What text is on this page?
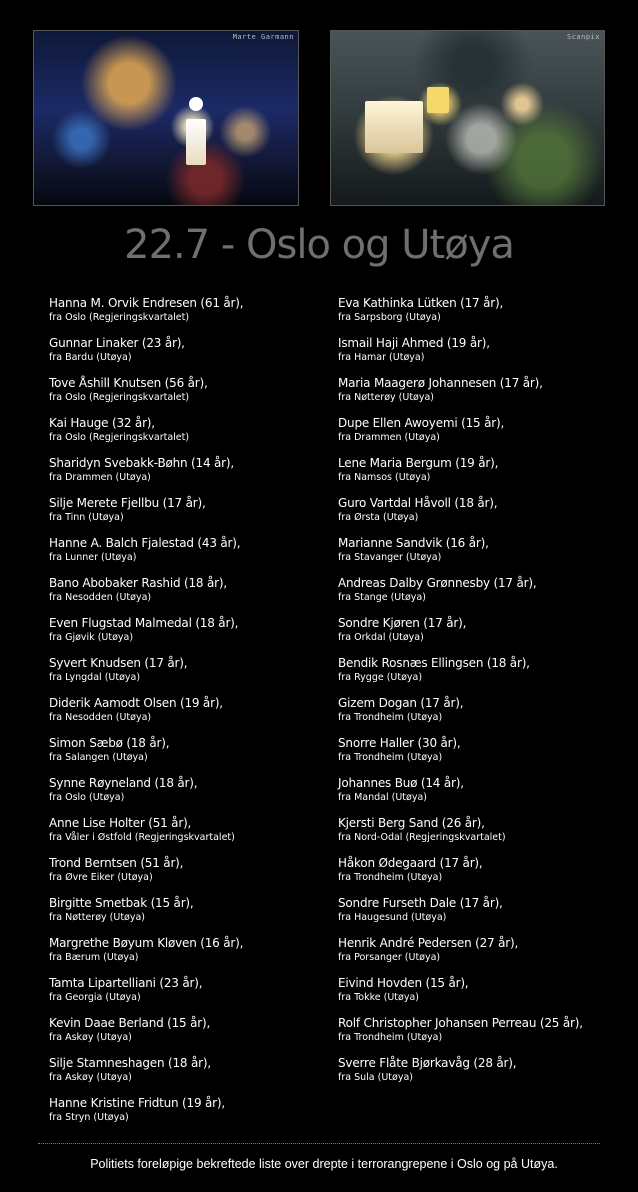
Marte Garmann	Scanpix
22.7 - Oslo og Utøya
Hanna M. Orvik Endresen (61 år),
fra Oslo (Regjeringskvartalet)
Gunnar Linaker (23 år),
fra Bardu (Utøya)
Tove Åshill Knutsen (56 år),
fra Oslo (Regjeringskvartalet)
Kai Hauge (32 år),
fra Oslo (Regjeringskvartalet)
Sharidyn Svebakk-Bøhn (14 år),
fra Drammen (Utøya)
Silje Merete Fjellbu (17 år),
fra Tinn (Utøya)
Hanne A. Balch Fjalestad (43 år),
fra Lunner (Utøya)
Bano Abobaker Rashid (18 år),
fra Nesodden (Utøya)
Even Flugstad Malmedal (18 år),
fra Gjøvik (Utøya)
Syvert Knudsen (17 år),
fra Lyngdal (Utøya)
Diderik Aamodt Olsen (19 år),
fra Nesodden (Utøya)
Simon Sæbø (18 år),
fra Salangen (Utøya)
Synne Røyneland (18 år),
fra Oslo (Utøya)
Anne Lise Holter (51 år),
fra Våler i Østfold (Regjeringskvartalet)
Trond Berntsen (51 år),
fra Øvre Eiker (Utøya)
Birgitte Smetbak (15 år),
fra Nøtterøy (Utøya)
Margrethe Bøyum Kløven (16 år),
fra Bærum (Utøya)
Tamta Lipartelliani (23 år),
fra Georgia (Utøya)
Kevin Daae Berland (15 år),
fra Askøy (Utøya)
Silje Stamneshagen (18 år),
fra Askøy (Utøya)
Hanne Kristine Fridtun (19 år),
fra Stryn (Utøya)
Eva Kathinka Lütken (17 år),
fra Sarpsborg (Utøya)
Ismail Haji Ahmed (19 år),
fra Hamar (Utøya)
Maria Maagerø Johannesen (17 år),
fra Nøtterøy (Utøya)
Dupe Ellen Awoyemi (15 år),
fra Drammen (Utøya)
Lene Maria Bergum (19 år),
fra Namsos (Utøya)
Guro Vartdal Håvoll (18 år),
fra Ørsta (Utøya)
Marianne Sandvik (16 år),
fra Stavanger (Utøya)
Andreas Dalby Grønnesby (17 år),
fra Stange (Utøya)
Sondre Kjøren (17 år),
fra Orkdal (Utøya)
Bendik Rosnæs Ellingsen (18 år),
fra Rygge (Utøya)
Gizem Dogan (17 år),
fra Trondheim (Utøya)
Snorre Haller (30 år),
fra Trondheim (Utøya)
Johannes Buø (14 år),
fra Mandal (Utøya)
Kjersti Berg Sand (26 år),
fra Nord-Odal (Regjeringskvartalet)
Håkon Ødegaard (17 år),
fra Trondheim (Utøya)
Sondre Furseth Dale (17 år),
fra Haugesund (Utøya)
Henrik André Pedersen (27 år),
fra Porsanger (Utøya)
Eivind Hovden (15 år),
fra Tokke (Utøya)
Rolf Christopher Johansen Perreau (25 år),
fra Trondheim (Utøya)
Sverre Flåte Bjørkavåg (28 år),
fra Sula (Utøya)
Politiets foreløpige bekreftede liste over drepte i terrorangrepene i Oslo og på Utøya.
